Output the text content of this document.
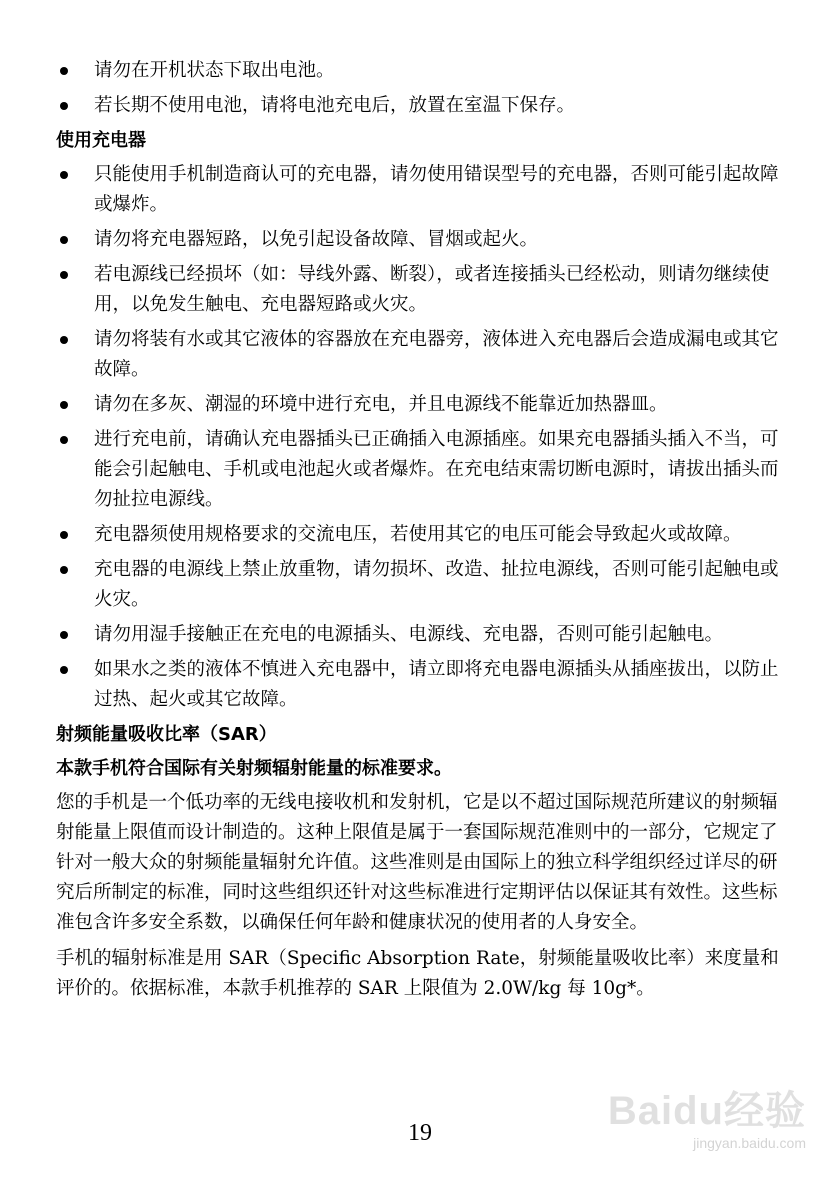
请勿在开机状态下取出电池。
若长期不使用电池，请将电池充电后，放置在室温下保存。
使用充电器
只能使用手机制造商认可的充电器，请勿使用错误型号的充电器，否则可能引起故障或爆炸。
请勿将充电器短路，以免引起设备故障、冒烟或起火。
若电源线已经损坏（如：导线外露、断裂），或者连接插头已经松动，则请勿继续使用，以免发生触电、充电器短路或火灾。
请勿将装有水或其它液体的容器放在充电器旁，液体进入充电器后会造成漏电或其它故障。
请勿在多灰、潮湿的环境中进行充电，并且电源线不能靠近加热器皿。
进行充电前，请确认充电器插头已正确插入电源插座。如果充电器插头插入不当，可能会引起触电、手机或电池起火或者爆炸。在充电结束需切断电源时，请拔出插头而勿扯拉电源线。
充电器须使用规格要求的交流电压，若使用其它的电压可能会导致起火或故障。
充电器的电源线上禁止放重物，请勿损坏、改造、扯拉电源线，否则可能引起触电或火灾。
请勿用湿手接触正在充电的电源插头、电源线、充电器，否则可能引起触电。
如果水之类的液体不慎进入充电器中，请立即将充电器电源插头从插座拔出，以防止过热、起火或其它故障。
射频能量吸收比率（SAR）
本款手机符合国际有关射频辐射能量的标准要求。

您的手机是一个低功率的无线电接收机和发射机，它是以不超过国际规范所建议的射频辐射能量上限值而设计制造的。这种上限值是属于一套国际规范准则中的一部分，它规定了针对一般大众的射频能量辐射允许值。这些准则是由国际上的独立科学组织经过详尽的研究后所制定的标准，同时这些组织还针对这些标准进行定期评估以保证其有效性。这些标准包含许多安全系数，以确保任何年龄和健康状况的使用者的人身安全。

手机的辐射标准是用 SAR（Specific Absorption Rate，射频能量吸收比率）来度量和评价的。依据标准，本款手机推荐的 SAR 上限值为 2.0W/kg 每 10g*。

19	Baidu经验
jingyan.baidu.com
